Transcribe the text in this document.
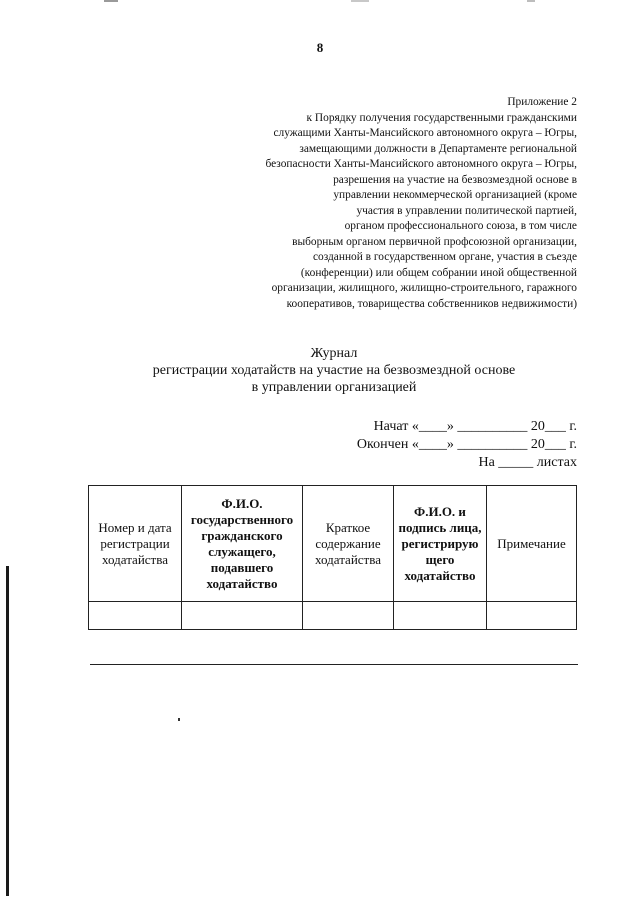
8
Приложение 2
к Порядку получения государственными гражданскими
служащими Ханты-Мансийского автономного округа – Югры,
замещающими должности в Департаменте региональной
безопасности Ханты-Мансийского автономного округа – Югры,
разрешения на участие на безвозмездной основе в
управлении некоммерческой организацией (кроме
участия в управлении политической партией,
органом профессионального союза, в том числе
выборным органом первичной профсоюзной организации,
созданной в государственном органе, участия в съезде
(конференции) или общем собрании иной общественной
организации, жилищного, жилищно-строительного, гаражного
кооперативов, товарищества собственников недвижимости)
Журнал
регистрации ходатайств на участие на безвозмездной основе
в управлении организацией
Начат «____» __________ 20___ г.
Окончен «____» __________ 20___ г.
На _____ листах
Номер и дата регистрации ходатайства	Ф.И.О. государственного гражданского служащего, подавшего ходатайство	Краткое содержание ходатайства	Ф.И.О. и подпись лица, регистрирую щего ходатайство	Примечание
